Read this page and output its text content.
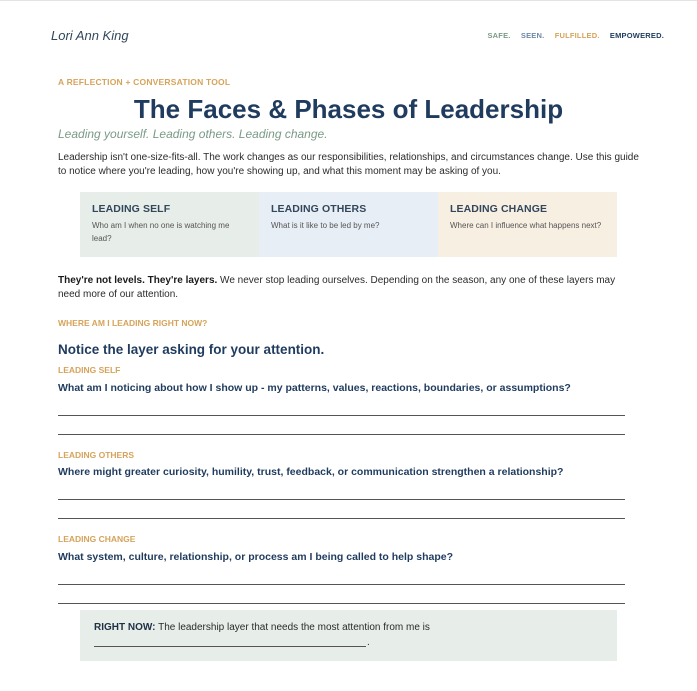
Lori Ann King	SAFE. SEEN. FULFILLED. EMPOWERED.
A REFLECTION + CONVERSATION TOOL
The Faces & Phases of Leadership
Leading yourself. Leading others. Leading change.

Leadership isn't one-size-fits-all. The work changes as our responsibilities, relationships, and circumstances change. Use this guide to notice where you're leading, how you're showing up, and what this moment may be asking of you.

LEADING SELF
Who am I when no one is watching me lead?
LEADING OTHERS
What is it like to be led by me?
LEADING CHANGE
Where can I influence what happens next?

They're not levels. They're layers. We never stop leading ourselves. Depending on the season, any one of these layers may need more of our attention.

WHERE AM I LEADING RIGHT NOW?
Notice the layer asking for your attention.
LEADING SELF
What am I noticing about how I show up - my patterns, values, reactions, boundaries, or assumptions?
LEADING OTHERS
Where might greater curiosity, humility, trust, feedback, or communication strengthen a relationship?
LEADING CHANGE
What system, culture, relationship, or process am I being called to help shape?
RIGHT NOW: The leadership layer that needs the most attention from me is
.
